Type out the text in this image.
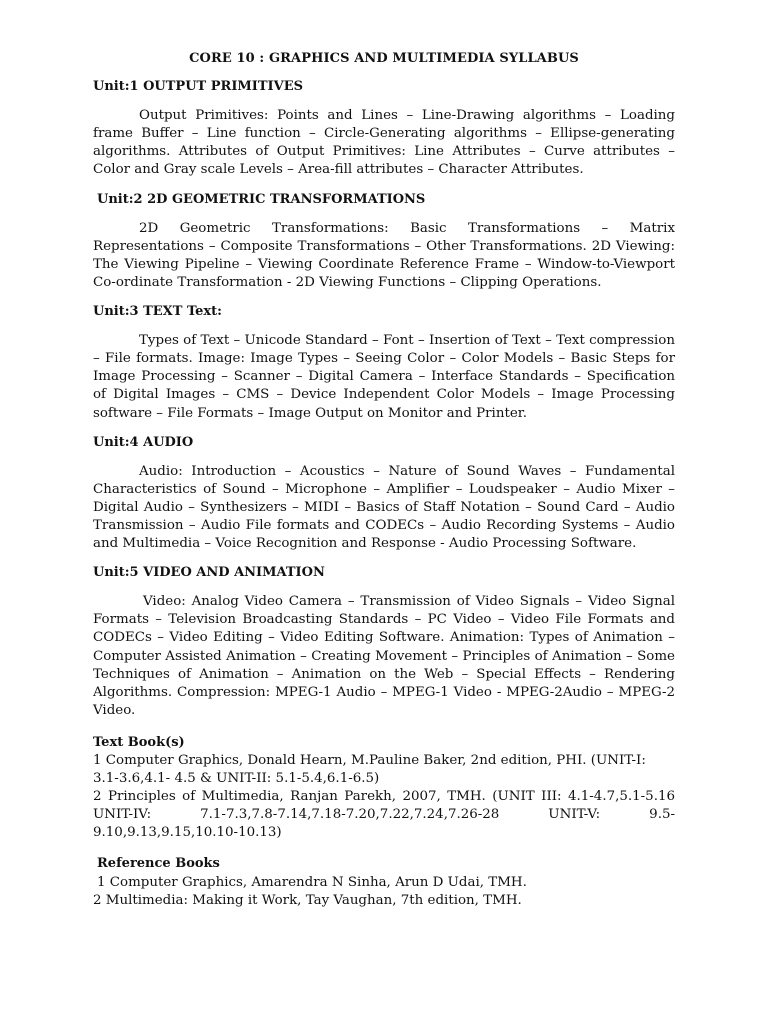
CORE 10 : GRAPHICS AND MULTIMEDIA SYLLABUS
Unit:1 OUTPUT PRIMITIVES

Output Primitives: Points and Lines – Line-Drawing algorithms – Loading frame Buffer – Line function – Circle-Generating algorithms – Ellipse-generating algorithms. Attributes of Output Primitives: Line Attributes – Curve attributes – Color and Gray scale Levels – Area-fill attributes – Character Attributes.

Unit:2 2D GEOMETRIC TRANSFORMATIONS

2D Geometric Transformations: Basic Transformations – Matrix Representations – Composite Transformations – Other Transformations. 2D Viewing: The Viewing Pipeline – Viewing Coordinate Reference Frame – Window-to-Viewport Co-ordinate Transformation - 2D Viewing Functions – Clipping Operations.

Unit:3 TEXT Text:

Types of Text – Unicode Standard – Font – Insertion of Text – Text compression – File formats. Image: Image Types – Seeing Color – Color Models – Basic Steps for Image Processing – Scanner – Digital Camera – Interface Standards – Specification of Digital Images – CMS – Device Independent Color Models – Image Processing software – File Formats – Image Output on Monitor and Printer.

Unit:4 AUDIO

Audio: Introduction – Acoustics – Nature of Sound Waves – Fundamental Characteristics of Sound – Microphone – Amplifier – Loudspeaker – Audio Mixer – Digital Audio – Synthesizers – MIDI – Basics of Staff Notation – Sound Card – Audio Transmission – Audio File formats and CODECs – Audio Recording Systems – Audio and Multimedia – Voice Recognition and Response - Audio Processing Software.

Unit:5 VIDEO AND ANIMATION

Video: Analog Video Camera – Transmission of Video Signals – Video Signal Formats – Television Broadcasting Standards – PC Video – Video File Formats and CODECs – Video Editing – Video Editing Software. Animation: Types of Animation – Computer Assisted Animation – Creating Movement – Principles of Animation – Some Techniques of Animation – Animation on the Web – Special Effects – Rendering Algorithms. Compression: MPEG-1 Audio – MPEG-1 Video - MPEG-2Audio – MPEG-2 Video.

Text Book(s)

1 Computer Graphics, Donald Hearn, M.Pauline Baker, 2nd edition, PHI. (UNIT-I: 3.1-3.6,4.1- 4.5 & UNIT-II: 5.1-5.4,6.1-6.5)

2 Principles of Multimedia, Ranjan Parekh, 2007, TMH. (UNIT III: 4.1-4.7,5.1-5.16 UNIT-IV: 7.1-7.3,7.8-7.14,7.18-7.20,7.22,7.24,7.26-28 UNIT-V: 9.5-9.10,9.13,9.15,10.10-10.13)

Reference Books

1 Computer Graphics, Amarendra N Sinha, Arun D Udai, TMH.

2 Multimedia: Making it Work, Tay Vaughan, 7th edition, TMH.
